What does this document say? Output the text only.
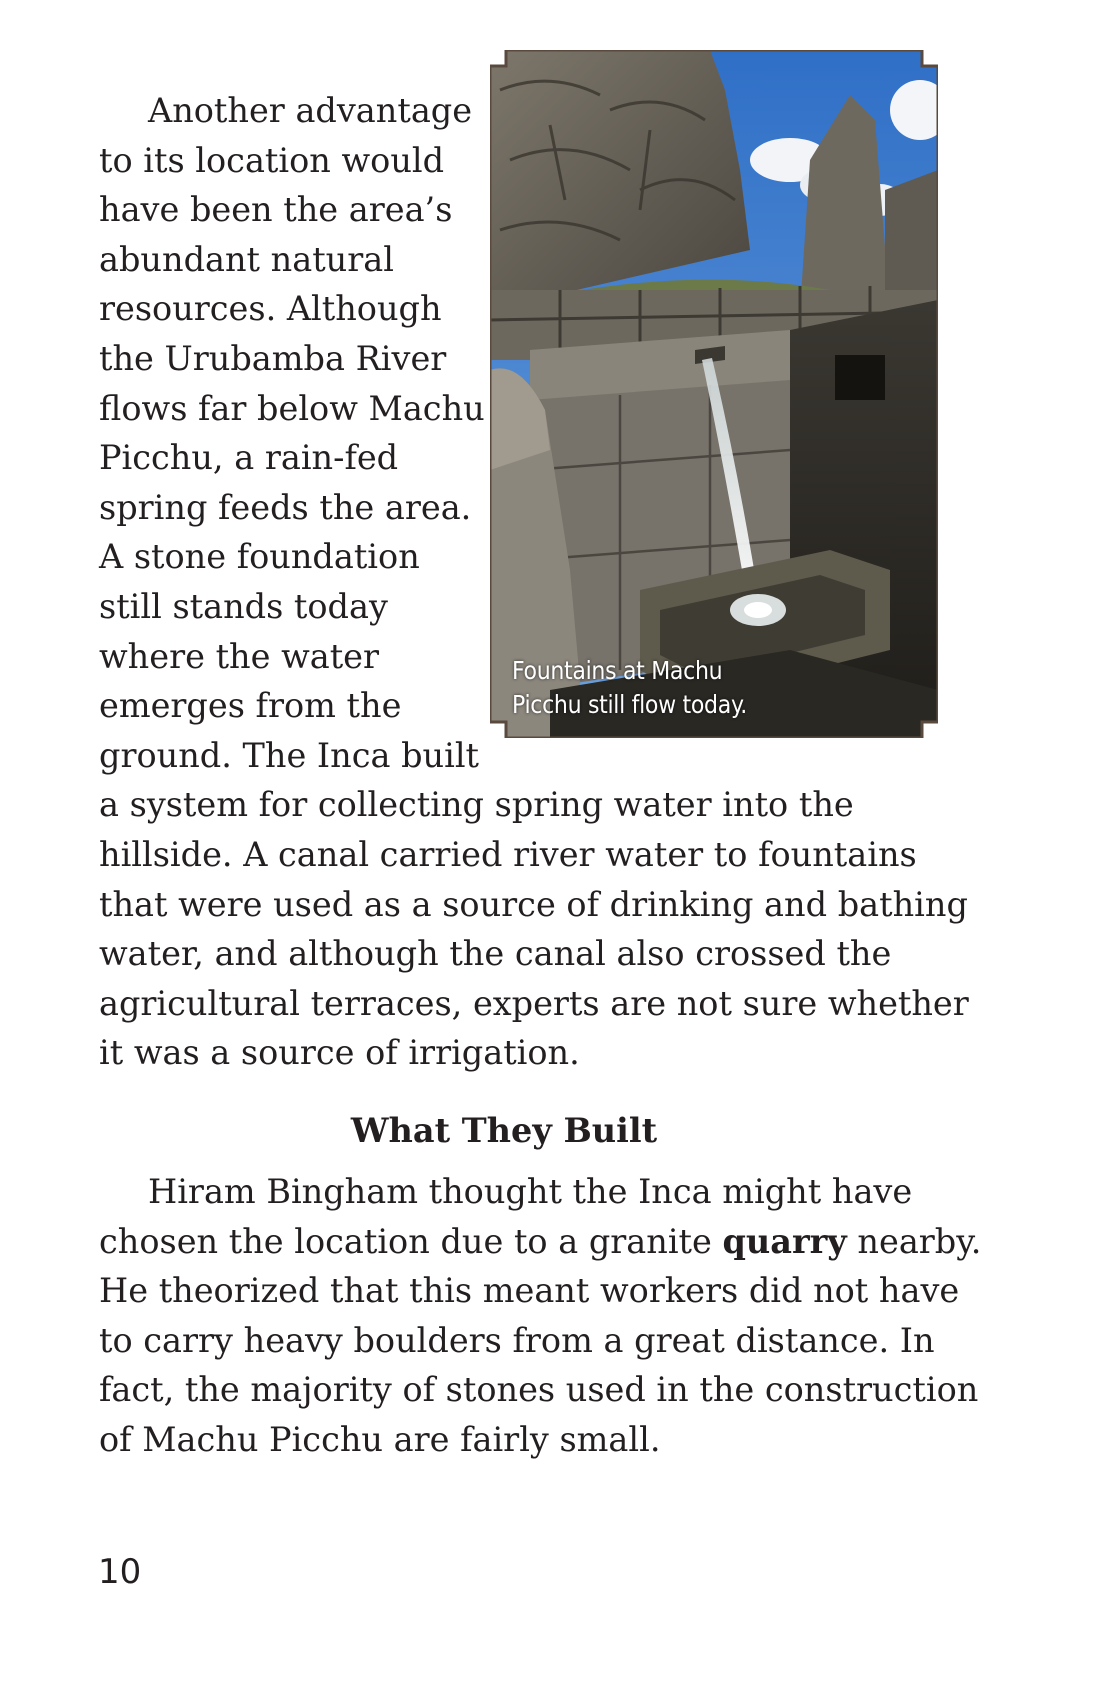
Another advantage
to its location would
have been the area’s
abundant natural
resources. Although
the Urubamba River
flows far below Machu
Picchu, a rain-fed
spring feeds the area.
A stone foundation
still stands today
where the water
emerges from the
ground. The Inca built
a system for collecting spring water into the
hillside. A canal carried river water to fountains
that were used as a source of drinking and bathing
water, and although the canal also crossed the
agricultural terraces, experts are not sure whether
it was a source of irrigation.
Fountains at Machu
Picchu still flow today.
What They Built
Hiram Bingham thought the Inca might have
chosen the location due to a granite quarry nearby.
He theorized that this meant workers did not have
to carry heavy boulders from a great distance. In
fact, the majority of stones used in the construction
of Machu Picchu are fairly small.
10
